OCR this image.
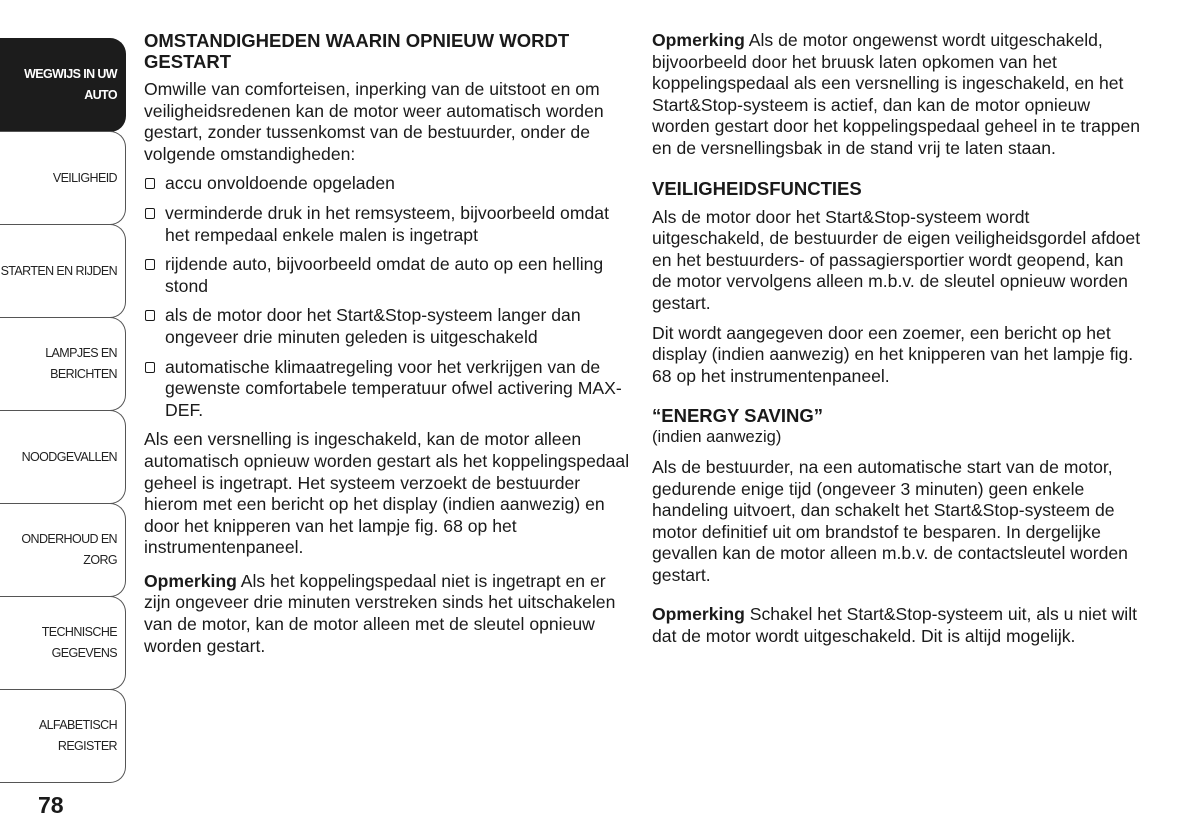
WEGWIJS IN UW
AUTO
VEILIGHEID
STARTEN EN RIJDEN
LAMPJES EN
BERICHTEN
NOODGEVALLEN
ONDERHOUD EN
ZORG
TECHNISCHE
GEGEVENS
ALFABETISCH
REGISTER
78
OMSTANDIGHEDEN WAARIN OPNIEUW WORDT GESTART

Omwille van comforteisen, inperking van de uitstoot en om veiligheidsredenen kan de motor weer automatisch worden gestart, zonder tussenkomst van de bestuurder, onder de volgende omstandigheden:

accu onvoldoende opgeladen
verminderde druk in het remsysteem, bijvoorbeeld omdat het rempedaal enkele malen is ingetrapt
rijdende auto, bijvoorbeeld omdat de auto op een helling stond
als de motor door het Start&Stop-systeem langer dan ongeveer drie minuten geleden is uitgeschakeld
automatische klimaatregeling voor het verkrijgen van de gewenste comfortabele temperatuur ofwel activering MAX-DEF.

Als een versnelling is ingeschakeld, kan de motor alleen automatisch opnieuw worden gestart als het koppelingspedaal geheel is ingetrapt. Het systeem verzoekt de bestuurder hierom met een bericht op het display (indien aanwezig) en door het knipperen van het lampje fig. 68 op het instrumentenpaneel.

Opmerking Als het koppelingspedaal niet is ingetrapt en er zijn ongeveer drie minuten verstreken sinds het uitschakelen van de motor, kan de motor alleen met de sleutel opnieuw worden gestart.

Opmerking Als de motor ongewenst wordt uitgeschakeld, bijvoorbeeld door het bruusk laten opkomen van het koppelingspedaal als een versnelling is ingeschakeld, en het Start&Stop-systeem is actief, dan kan de motor opnieuw worden gestart door het koppelingspedaal geheel in te trappen en de versnellingsbak in de stand vrij te laten staan.

VEILIGHEIDSFUNCTIES

Als de motor door het Start&Stop-systeem wordt uitgeschakeld, de bestuurder de eigen veiligheidsgordel afdoet en het bestuurders- of passagiersportier wordt geopend, kan de motor vervolgens alleen m.b.v. de sleutel opnieuw worden gestart.

Dit wordt aangegeven door een zoemer, een bericht op het display (indien aanwezig) en het knipperen van het lampje fig. 68 op het instrumentenpaneel.

“ENERGY SAVING”

(indien aanwezig)

Als de bestuurder, na een automatische start van de motor, gedurende enige tijd (ongeveer 3 minuten) geen enkele handeling uitvoert, dan schakelt het Start&Stop-systeem de motor definitief uit om brandstof te besparen. In dergelijke gevallen kan de motor alleen m.b.v. de contactsleutel worden gestart.

Opmerking Schakel het Start&Stop-systeem uit, als u niet wilt dat de motor wordt uitgeschakeld. Dit is altijd mogelijk.
